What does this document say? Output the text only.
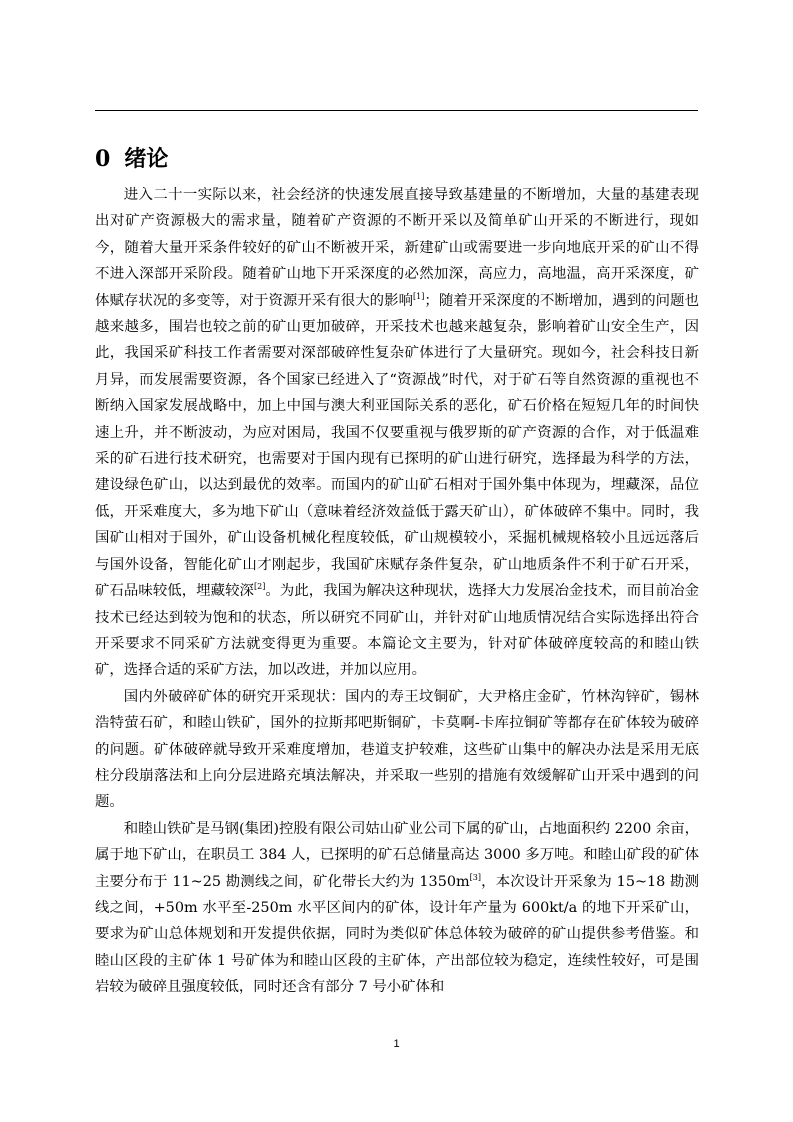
0 绪论

进入二十一实际以来，社会经济的快速发展直接导致基建量的不断增加，大量的基建表现出对矿产资源极大的需求量，随着矿产资源的不断开采以及简单矿山开采的不断进行，现如今，随着大量开采条件较好的矿山不断被开采，新建矿山或需要进一步向地底开采的矿山不得不进入深部开采阶段。随着矿山地下开采深度的必然加深，高应力，高地温，高开采深度，矿体赋存状况的多变等，对于资源开采有很大的影响[1]；随着开采深度的不断增加，遇到的问题也越来越多，围岩也较之前的矿山更加破碎，开采技术也越来越复杂，影响着矿山安全生产，因此，我国采矿科技工作者需要对深部破碎性复杂矿体进行了大量研究。现如今，社会科技日新月异，而发展需要资源，各个国家已经进入了“资源战”时代，对于矿石等自然资源的重视也不断纳入国家发展战略中，加上中国与澳大利亚国际关系的恶化，矿石价格在短短几年的时间快速上升，并不断波动，为应对困局，我国不仅要重视与俄罗斯的矿产资源的合作，对于低温难采的矿石进行技术研究，也需要对于国内现有已探明的矿山进行研究，选择最为科学的方法，建设绿色矿山，以达到最优的效率。而国内的矿山矿石相对于国外集中体现为，埋藏深，品位低，开采难度大，多为地下矿山（意味着经济效益低于露天矿山），矿体破碎不集中。同时，我国矿山相对于国外，矿山设备机械化程度较低，矿山规模较小，采掘机械规格较小且远远落后与国外设备，智能化矿山才刚起步，我国矿床赋存条件复杂，矿山地质条件不利于矿石开采，矿石品味较低，埋藏较深[2]。为此，我国为解决这种现状，选择大力发展冶金技术，而目前冶金技术已经达到较为饱和的状态，所以研究不同矿山，并针对矿山地质情况结合实际选择出符合开采要求不同采矿方法就变得更为重要。本篇论文主要为，针对矿体破碎度较高的和睦山铁矿，选择合适的采矿方法，加以改进，并加以应用。

国内外破碎矿体的研究开采现状：国内的寿王坟铜矿，大尹格庄金矿，竹林沟锌矿，锡林浩特萤石矿，和睦山铁矿，国外的拉斯邦吧斯铜矿，卡莫啊-卡库拉铜矿等都存在矿体较为破碎的问题。矿体破碎就导致开采难度增加，巷道支护较难，这些矿山集中的解决办法是采用无底柱分段崩落法和上向分层进路充填法解决，并采取一些别的措施有效缓解矿山开采中遇到的问题。

和睦山铁矿是马钢(集团)控股有限公司姑山矿业公司下属的矿山，占地面积约 2200 余亩，属于地下矿山，在职员工 384 人，已探明的矿石总储量高达 3000 多万吨。和睦山矿段的矿体主要分布于 11~25 勘测线之间，矿化带长大约为 1350m[3]，本次设计开采象为 15~18 勘测线之间，+50m 水平至-250m 水平区间内的矿体，设计年产量为 600kt/a 的地下开采矿山，要求为矿山总体规划和开发提供依据，同时为类似矿体总体较为破碎的矿山提供参考借鉴。和睦山区段的主矿体 1 号矿体为和睦山区段的主矿体，产出部位较为稳定，连续性较好，可是围岩较为破碎且强度较低，同时还含有部分 7 号小矿体和

1
